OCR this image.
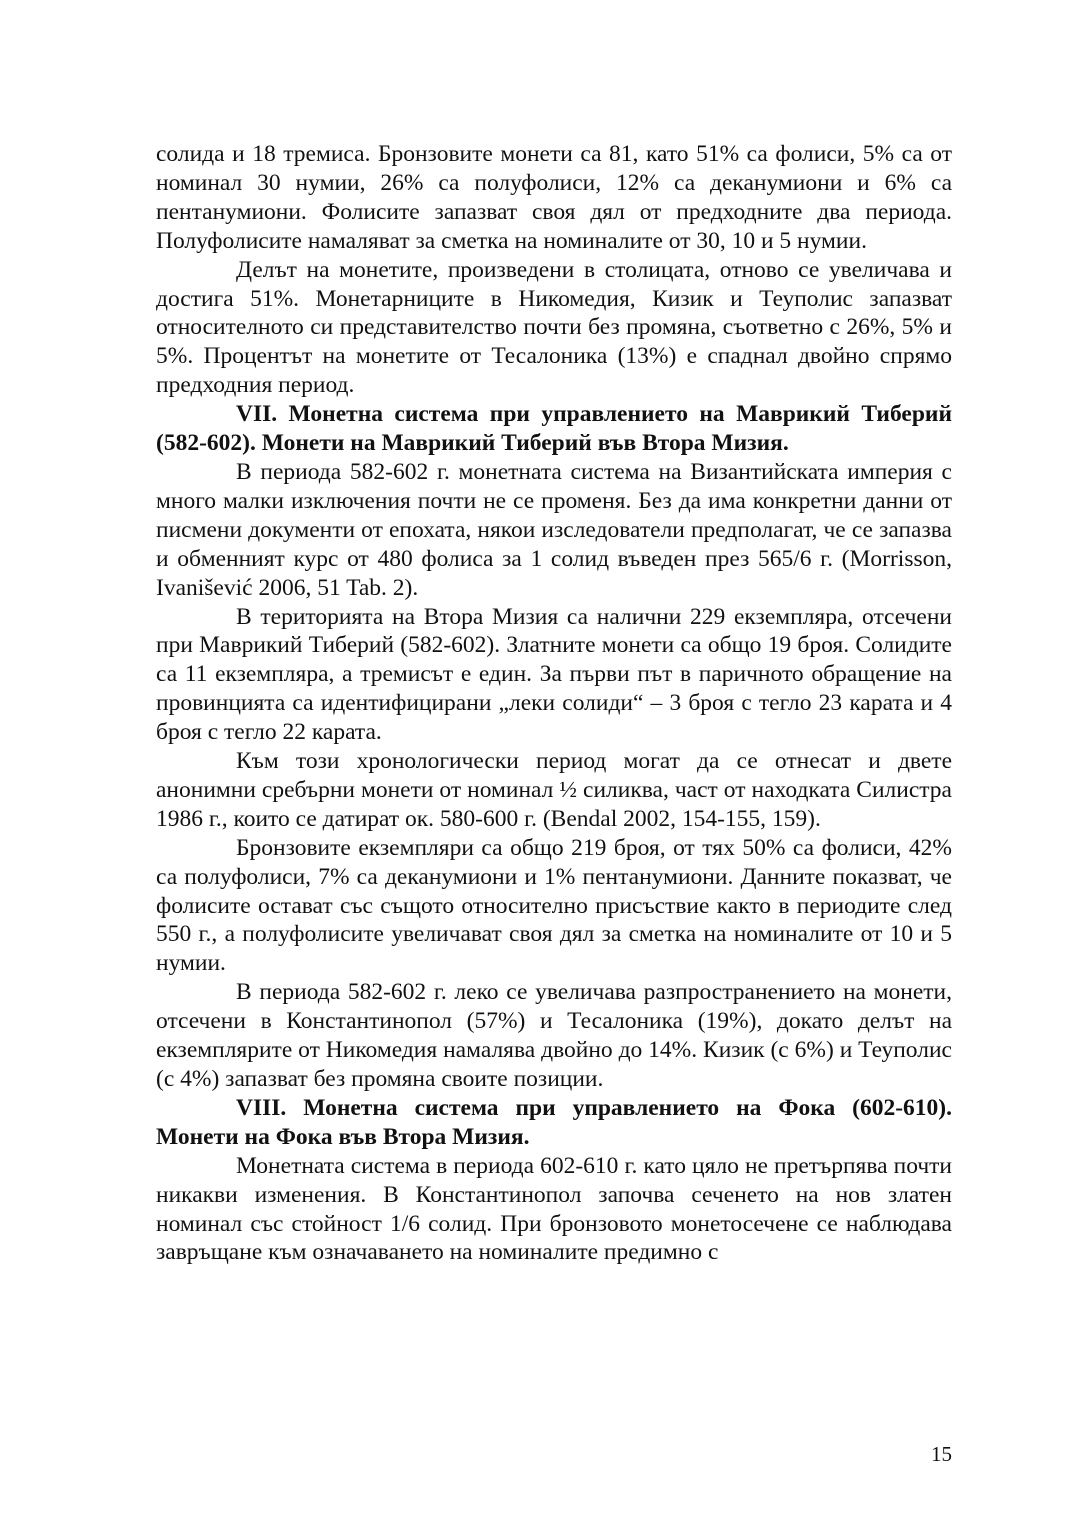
солида и 18 тремиса. Бронзовите монети са 81, като 51% са фолиси, 5% са от номинал 30 нумии, 26% са полуфолиси, 12% са деканумиони и 6% са пентанумиони. Фолисите запазват своя дял от предходните два периода. Полуфолисите намаляват за сметка на номиналите от 30, 10 и 5 нумии.

Делът на монетите, произведени в столицата, отново се увеличава и достига 51%. Монетарниците в Никомедия, Кизик и Теуполис запазват относителното си представителство почти без промяна, съответно с 26%, 5% и 5%. Процентът на монетите от Тесалоника (13%) е спаднал двойно спрямо предходния период.

VII. Монетна система при управлението на Маврикий Тиберий (582-602). Монети на Маврикий Тиберий във Втора Мизия.

В периода 582-602 г. монетната система на Византийската империя с много малки изключения почти не се променя. Без да има конкретни данни от писмени документи от епохата, някои изследователи предполагат, че се запазва и обменният курс от 480 фолиса за 1 солид въведен през 565/6 г. (Morrisson, Ivanišević 2006, 51 Tab. 2).

В територията на Втора Мизия са налични 229 екземпляра, отсечени при Маврикий Тиберий (582-602). Златните монети са общо 19 броя. Солидите са 11 екземпляра, а тремисът е един. За първи път в паричното обращение на провинцията са идентифицирани „леки солиди“ – 3 броя с тегло 23 карата и 4 броя с тегло 22 карата.

Към този хронологически период могат да се отнесат и двете анонимни сребърни монети от номинал ½ силиква, част от находката Силистра 1986 г., които се датират ок. 580-600 г. (Bendal 2002, 154-155, 159).

Бронзовите екземпляри са общо 219 броя, от тях 50% са фолиси, 42% са полуфолиси, 7% са деканумиони и 1% пентанумиони. Данните показват, че фолисите остават със същото относително присъствие както в периодите след 550 г., а полуфолисите увеличават своя дял за сметка на номиналите от 10 и 5 нумии.

В периода 582-602 г. леко се увеличава разпространението на монети, отсечени в Константинопол (57%) и Тесалоника (19%), докато делът на екземплярите от Никомедия намалява двойно до 14%. Кизик (с 6%) и Теуполис (с 4%) запазват без промяна своите позиции.

VIII. Монетна система при управлението на Фока (602-610). Монети на Фока във Втора Мизия.

Монетната система в периода 602-610 г. като цяло не претърпява почти никакви изменения. В Константинопол започва сеченето на нов златен номинал със стойност 1/6 солид. При бронзовото монетосечене се наблюдава завръщане към означаването на номиналите предимно с

15
